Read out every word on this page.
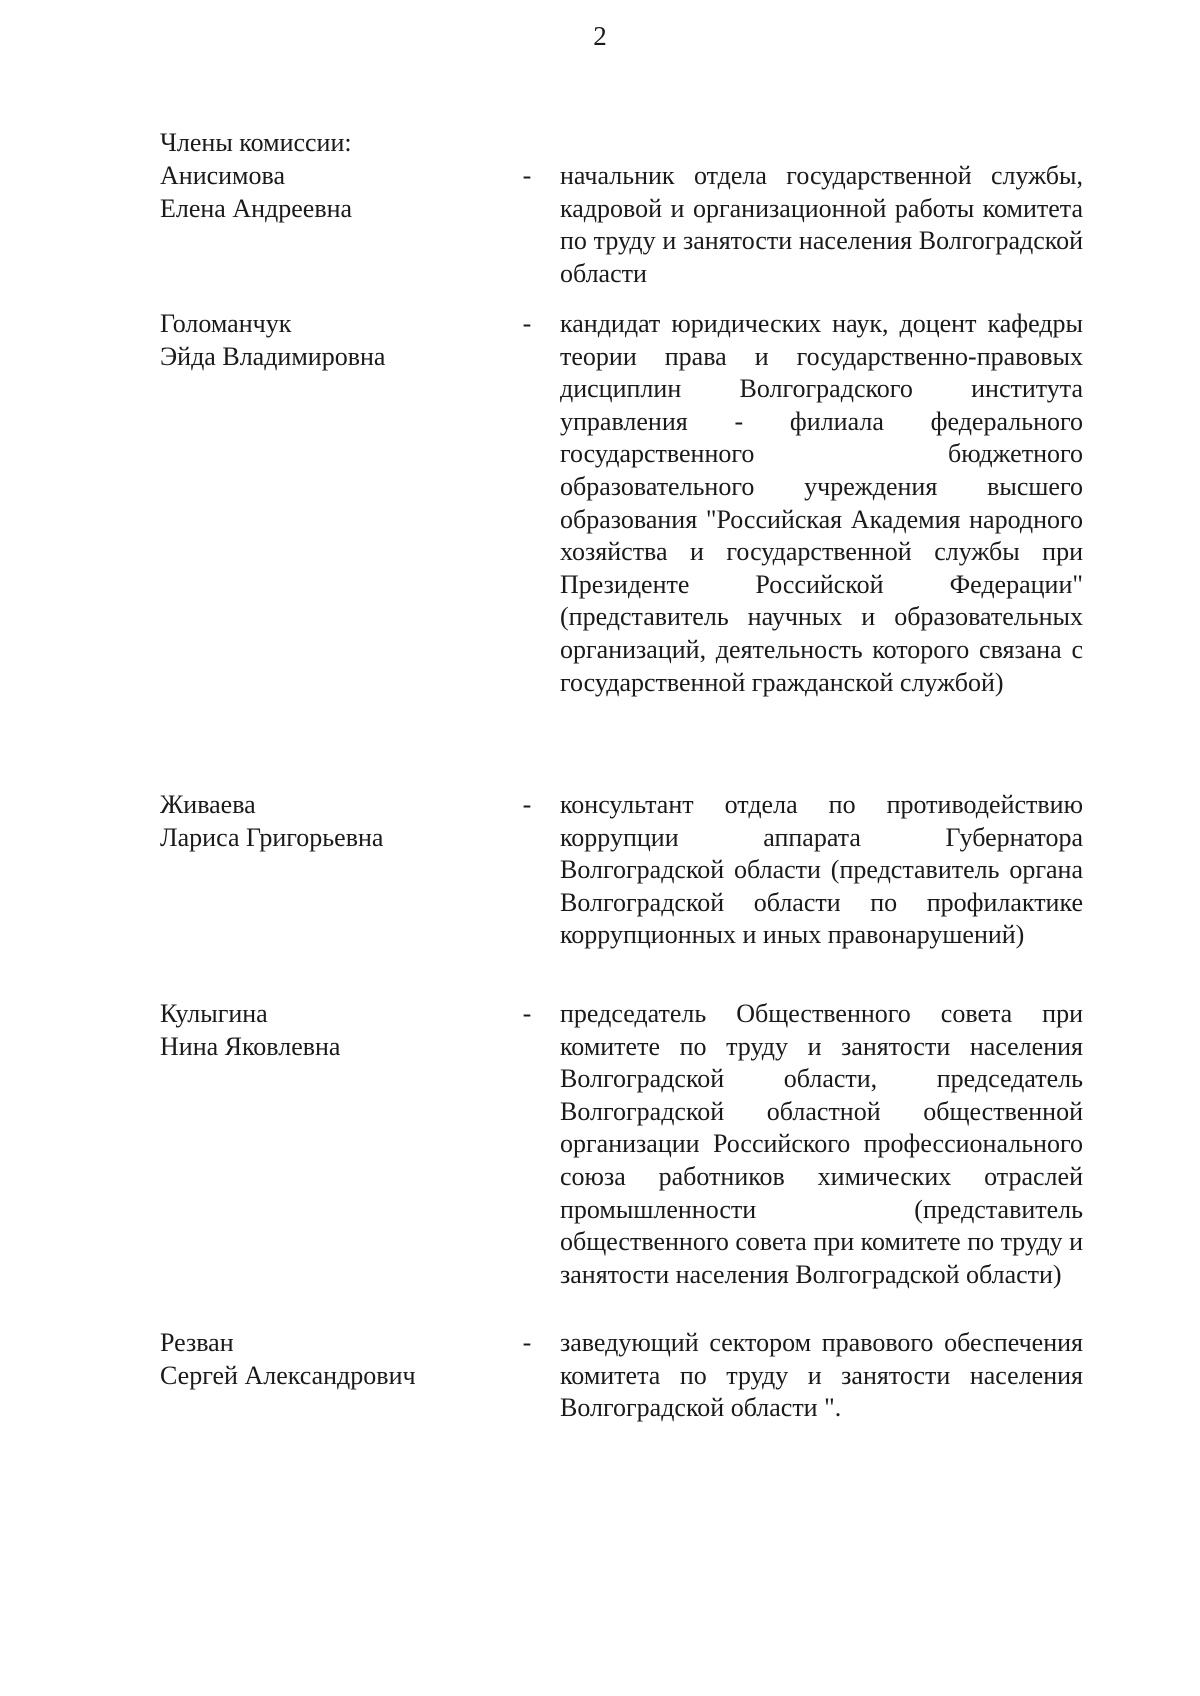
2
Члены комиссии:
Анисимова
Елена Андреевна
- начальник отдела государственной службы, кадровой и организационной работы комитета по труду и занятости населения Волгоградской области
Голоманчук
Эйда Владимировна
- кандидат юридических наук, доцент кафедры теории права и государственно-правовых дисциплин Волгоградского института управления - филиала федерального государственного бюджетного образовательного учреждения высшего образования "Российская Академия народного хозяйства и государственной службы при Президенте Российской Федерации" (представитель научных и образовательных организаций, деятельность которого связана с государственной гражданской службой)
Живаева
Лариса Григорьевна
- консультант отдела по противодействию коррупции аппарата Губернатора Волгоградской области (представитель органа Волгоградской области по профилактике коррупционных и иных правонарушений)
Кулыгина
Нина Яковлевна
- председатель Общественного совета при комитете по труду и занятости населения Волгоградской области, председатель Волгоградской областной общественной организации Российского профессионального союза работников химических отраслей промышленности (представитель общественного совета при комитете по труду и занятости населения Волгоградской области)
Резван
Сергей Александрович
- заведующий сектором правового обеспечения комитета по труду и занятости населения Волгоградской области ".
